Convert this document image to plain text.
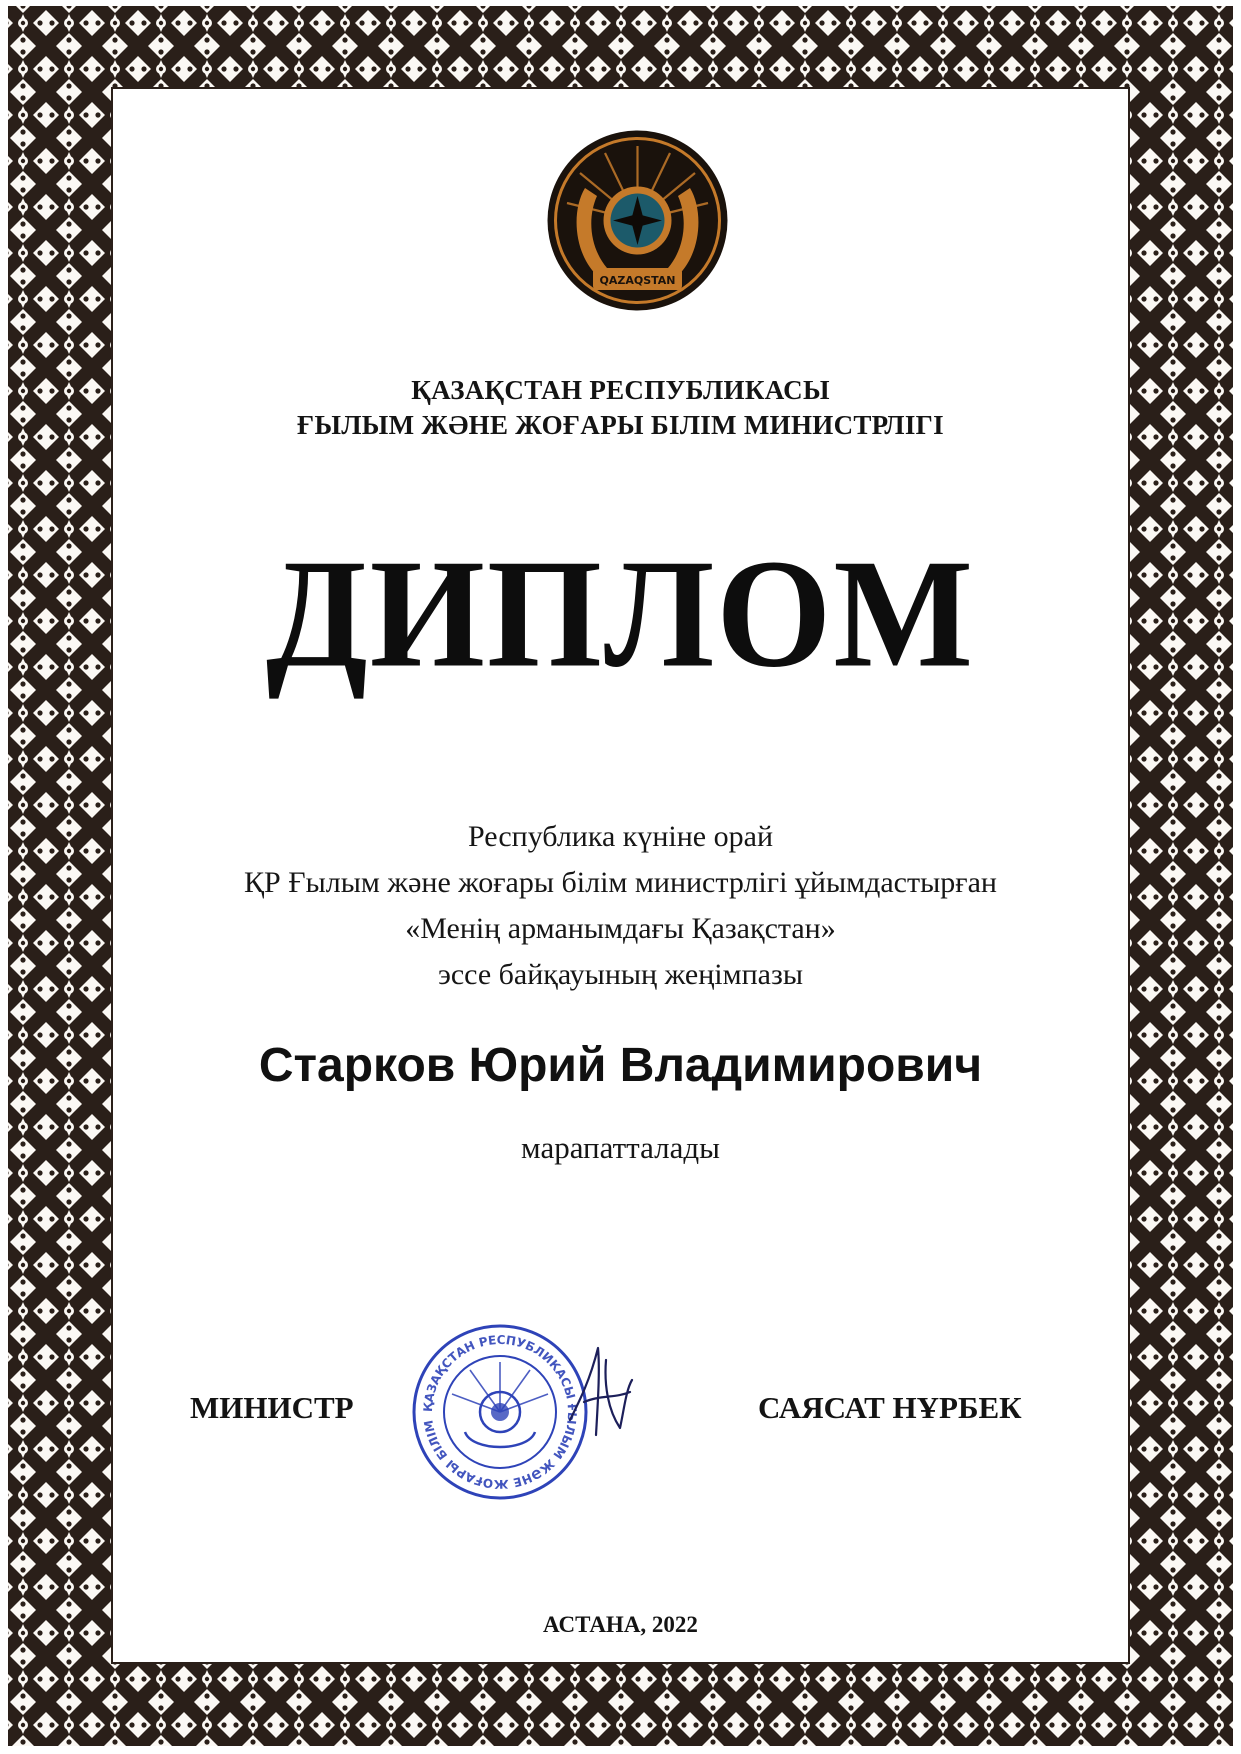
QAZAQSTAN
ҚАЗАҚСТАН РЕСПУБЛИКАСЫ
ҒЫЛЫМ ЖӘНЕ ЖОҒАРЫ БІЛІМ МИНИСТРЛІГІ
ДИПЛОМ
Республика күніне орай
ҚР Ғылым және жоғары білім министрлігі ұйымдастырған
«Менің арманымдағы Қазақстан»
эссе байқауының жеңімпазы
Старков Юрий Владимирович
марапатталады
МИНИСТР	ҚАЗАҚСТАН РЕСПУБЛИКАСЫ ҒЫЛЫМ ЖӘНЕ ЖОҒАРЫ БІЛІМ
САЯСАТ НҰРБЕК
АСТАНА, 2022
